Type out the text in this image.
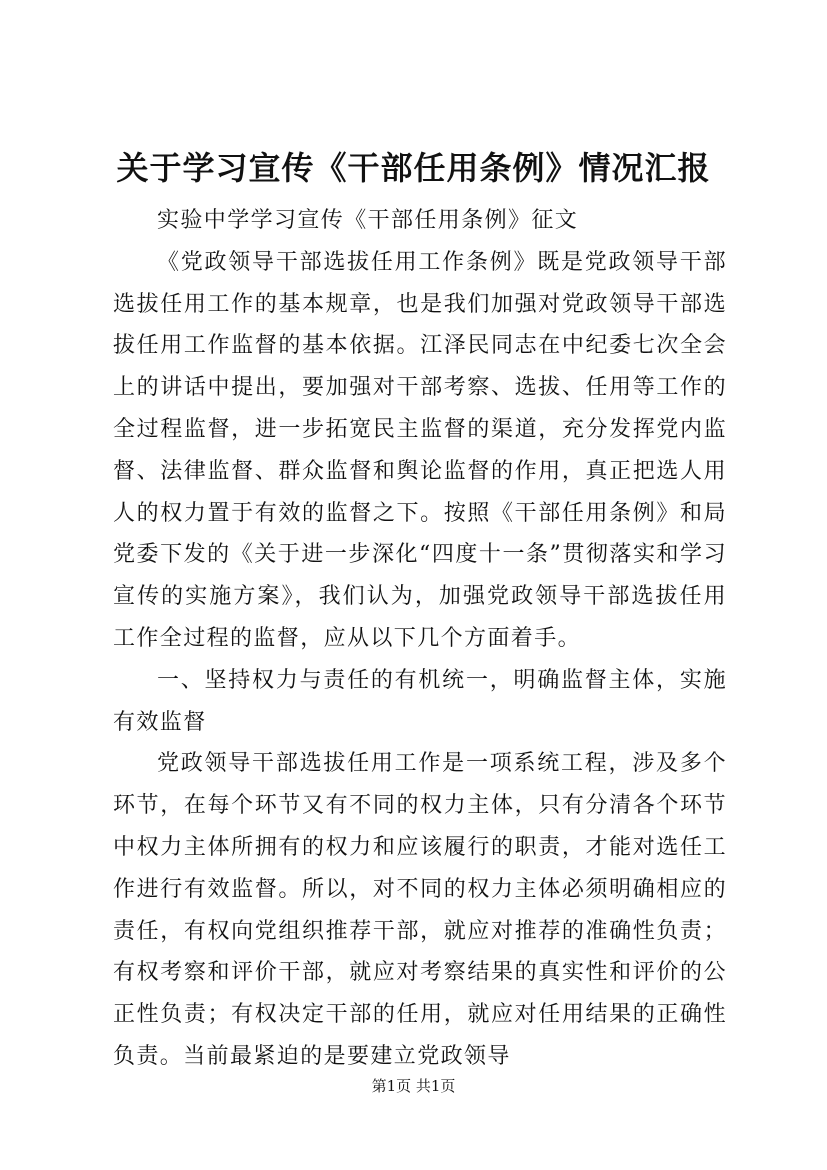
关于学习宣传《干部任用条例》情况汇报

实验中学学习宣传《干部任用条例》征文

《党政领导干部选拔任用工作条例》既是党政领导干部选拔任用工作的基本规章，也是我们加强对党政领导干部选拔任用工作监督的基本依据。江泽民同志在中纪委七次全会上的讲话中提出，要加强对干部考察、选拔、任用等工作的全过程监督，进一步拓宽民主监督的渠道，充分发挥党内监督、法律监督、群众监督和舆论监督的作用，真正把选人用人的权力置于有效的监督之下。按照《干部任用条例》和局党委下发的《关于进一步深化“四度十一条”贯彻落实和学习宣传的实施方案》，我们认为，加强党政领导干部选拔任用工作全过程的监督，应从以下几个方面着手。

一、坚持权力与责任的有机统一，明确监督主体，实施有效监督

党政领导干部选拔任用工作是一项系统工程，涉及多个环节，在每个环节又有不同的权力主体，只有分清各个环节中权力主体所拥有的权力和应该履行的职责，才能对选任工作进行有效监督。所以，对不同的权力主体必须明确相应的责任，有权向党组织推荐干部，就应对推荐的准确性负责；有权考察和评价干部，就应对考察结果的真实性和评价的公正性负责；有权决定干部的任用，就应对任用结果的正确性负责。当前最紧迫的是要建立党政领导

第1页 共1页
